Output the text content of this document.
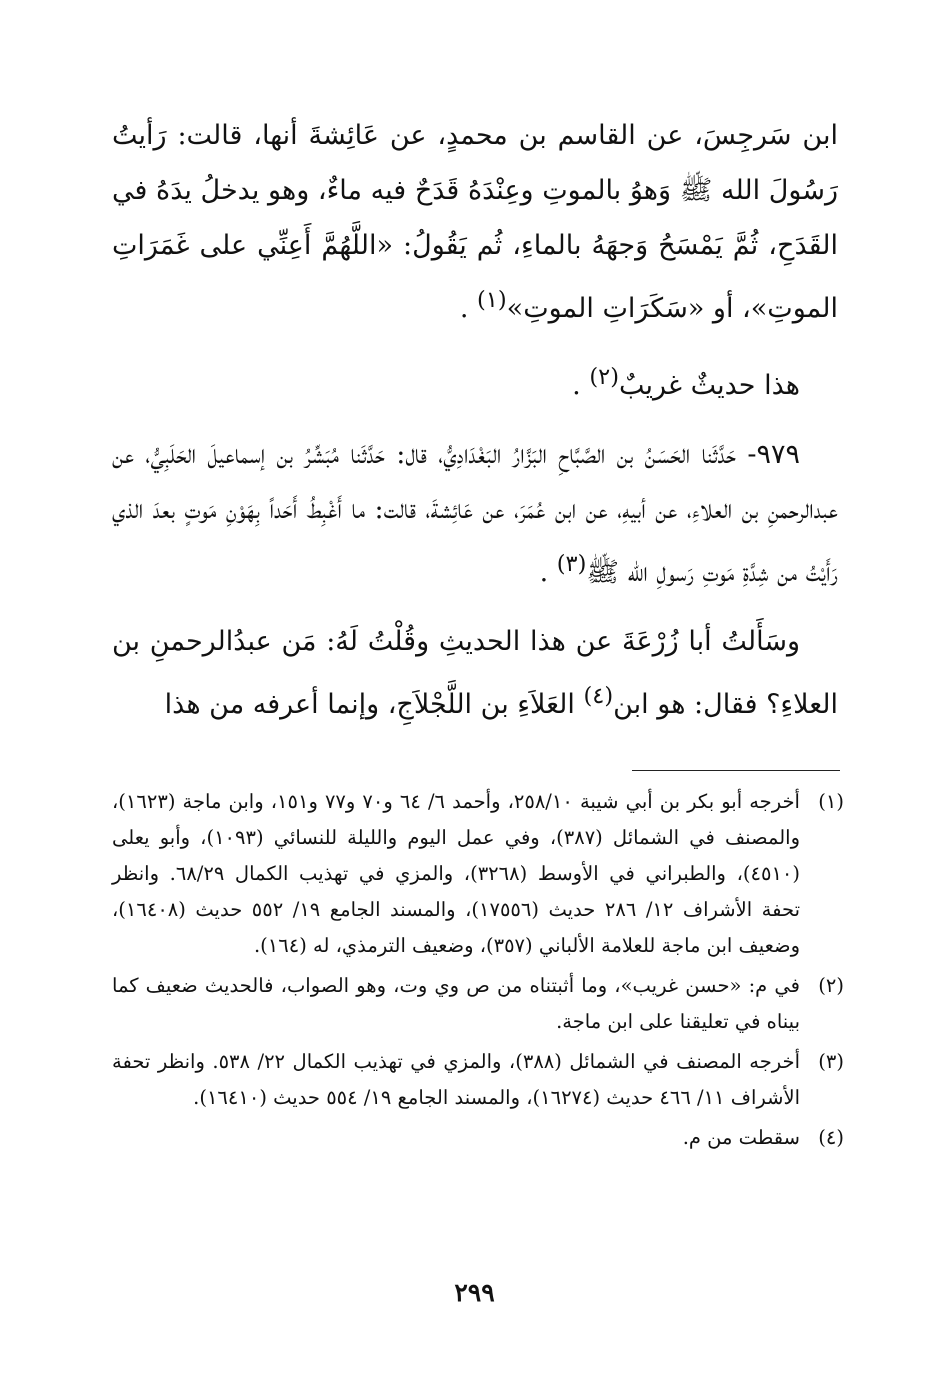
ابن سَرجِسَ، عن القاسم بن محمدٍ، عن عَائِشةَ أنها، قالت: رَأيتُ رَسُولَ الله ﷺ وَهوُ بالموتِ وعِنْدَهُ قَدَحٌ فيه ماءٌ، وهو يدخلُ يدَهُ في القَدَحِ، ثُمَّ يَمْسَحُ وَجهَهُ بالماءِ، ثُم يَقُولُ: «اللَّهُمَّ أَعِنِّي على غَمَرَاتِ الموتِ»، أو «سَكَرَاتِ الموتِ»$^{(١)}$ .

هذا حديثٌ غريبٌ$^{(٢)}$ .

٩٧٩- حَدَّثَنا الحَسَنُ بن الصَّبَّاحِ البَزَّارُ البَغْدَادِيُّ، قال: حَدَّثَنا مُبَشِّرُ بن إسماعيلَ الحَلَبِيُّ، عن عبدالرحمنِ بن العلاءِ، عن أبيهِ، عن ابن عُمَرَ، عن عَائِشةَ، قالت: ما أَغْبِطُ أَحَداً بِهَوْنِ مَوتٍ بعدَ الذي رَأَيْتُ من شِدَّةِ مَوتِ رَسولِ الله ﷺ$^{(٣)}$ .

وسَأَلتُ أبا زُرْعَةَ عن هذا الحديثِ وقُلْتُ لَهُ: مَن عبدُالرحمنِ بن العلاءِ؟ فقال: هو ابن$^{(٤)}$ العَلاَءِ بن اللَّجْلاَجِ، وإنما أعرفه من هذا

(١)
أخرجه أبو بكر بن أبي شيبة ٢٥٨/١٠، وأحمد ٦/ ٦٤ و٧٠ و٧٧ و١٥١، وابن ماجة (١٦٢٣)، والمصنف في الشمائل (٣٨٧)، وفي عمل اليوم والليلة للنسائي (١٠٩٣)، وأبو يعلى (٤٥١٠)، والطبراني في الأوسط (٣٢٦٨)، والمزي في تهذيب الكمال ٦٨/٢٩. وانظر تحفة الأشراف ١٢/ ٢٨٦ حديث (١٧٥٥٦)، والمسند الجامع ١٩/ ٥٥٢ حديث (١٦٤٠٨)، وضعيف ابن ماجة للعلامة الألباني (٣٥٧)، وضعيف الترمذي، له (١٦٤).
(٢)
في م: «حسن غريب»، وما أثبتناه من ص وي وت، وهو الصواب، فالحديث ضعيف كما بيناه في تعليقنا على ابن ماجة.
(٣)
أخرجه المصنف في الشمائل (٣٨٨)، والمزي في تهذيب الكمال ٢٢/ ٥٣٨. وانظر تحفة الأشراف ١١/ ٤٦٦ حديث (١٦٢٧٤)، والمسند الجامع ١٩/ ٥٥٤ حديث (١٦٤١٠).
(٤)
سقطت من م.
٢٩٩
